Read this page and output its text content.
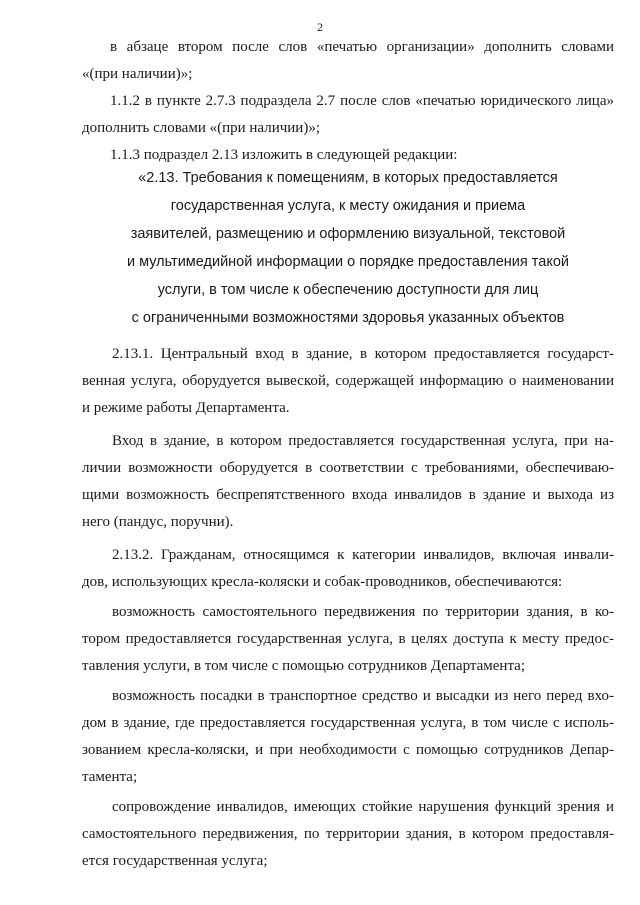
2
в абзаце втором после слов «печатью организации» дополнить словами
«(при наличии)»;
1.1.2 в пункте 2.7.3 подраздела 2.7 после слов «печатью юридического лица»
дополнить словами «(при наличии)»;
1.1.3 подраздел 2.13 изложить в следующей редакции:
«2.13. Требования к помещениям, в которых предоставляется
государственная услуга, к месту ожидания и приема
заявителей, размещению и оформлению визуальной, текстовой
и мультимедийной информации о порядке предоставления такой
услуги, в том числе к обеспечению доступности для лиц
с ограниченными возможностями здоровья указанных объектов
2.13.1. Центральный вход в здание, в котором предоставляется государст-
венная услуга, оборудуется вывеской, содержащей информацию о наименовании
и режиме работы Департамента.
Вход в здание, в котором предоставляется государственная услуга, при на-
личии возможности оборудуется в соответствии с требованиями, обеспечиваю-
щими возможность беспрепятственного входа инвалидов в здание и выхода из
него (пандус, поручни).
2.13.2. Гражданам, относящимся к категории инвалидов, включая инвали-
дов, использующих кресла-коляски и собак-проводников, обеспечиваются:
возможность самостоятельного передвижения по территории здания, в ко-
тором предоставляется государственная услуга, в целях доступа к месту предос-
тавления услуги, в том числе с помощью сотрудников Департамента;
возможность посадки в транспортное средство и высадки из него перед вхо-
дом в здание, где предоставляется государственная услуга, в том числе с исполь-
зованием кресла-коляски, и при необходимости с помощью сотрудников Депар-
тамента;
сопровождение инвалидов, имеющих стойкие нарушения функций зрения и
самостоятельного передвижения, по территории здания, в котором предоставля-
ется государственная услуга;
